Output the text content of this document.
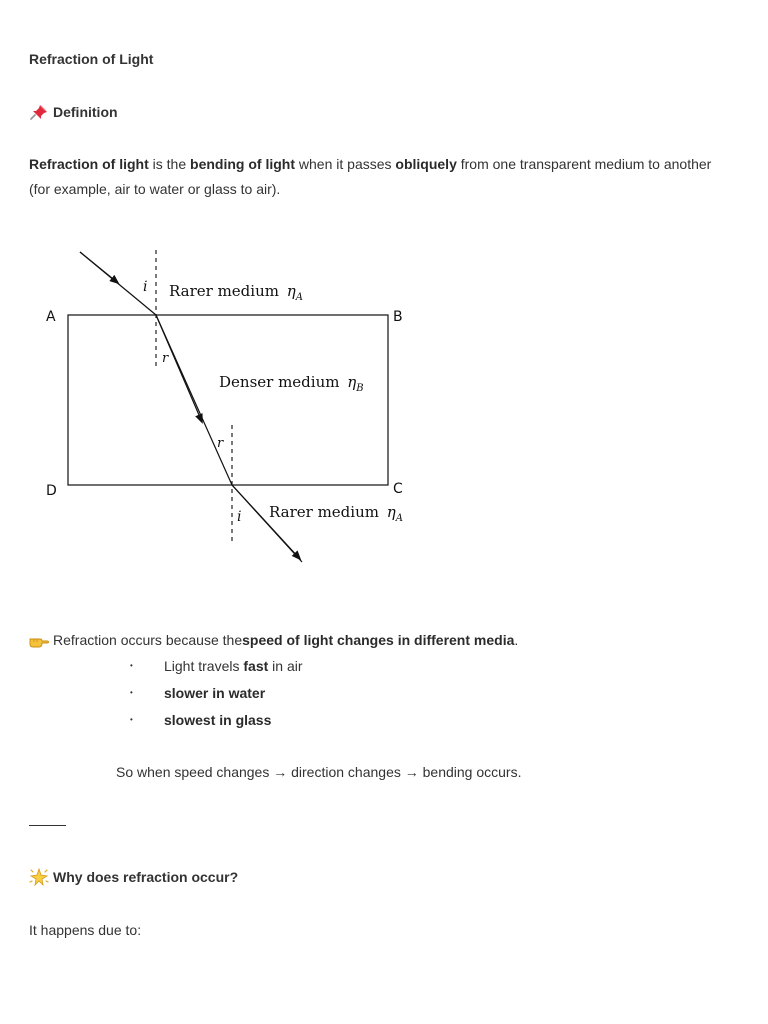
Refraction of Light
Definition
Refraction of light is the bending of light when it passes obliquely from one transparent medium to another (for example, air to water or glass to air).
A	B
C
D
i
r
r
i
Rarer medium $\eta_A$
Denser medium $\eta_B$
Rarer medium $\eta_A$
Refraction occurs because the speed of light changes in different media .
• Light travels fast in air
• slower in water
• slowest in glass
So when speed changes → direction changes → bending occurs.
Why does refraction occur?
It happens due to:
